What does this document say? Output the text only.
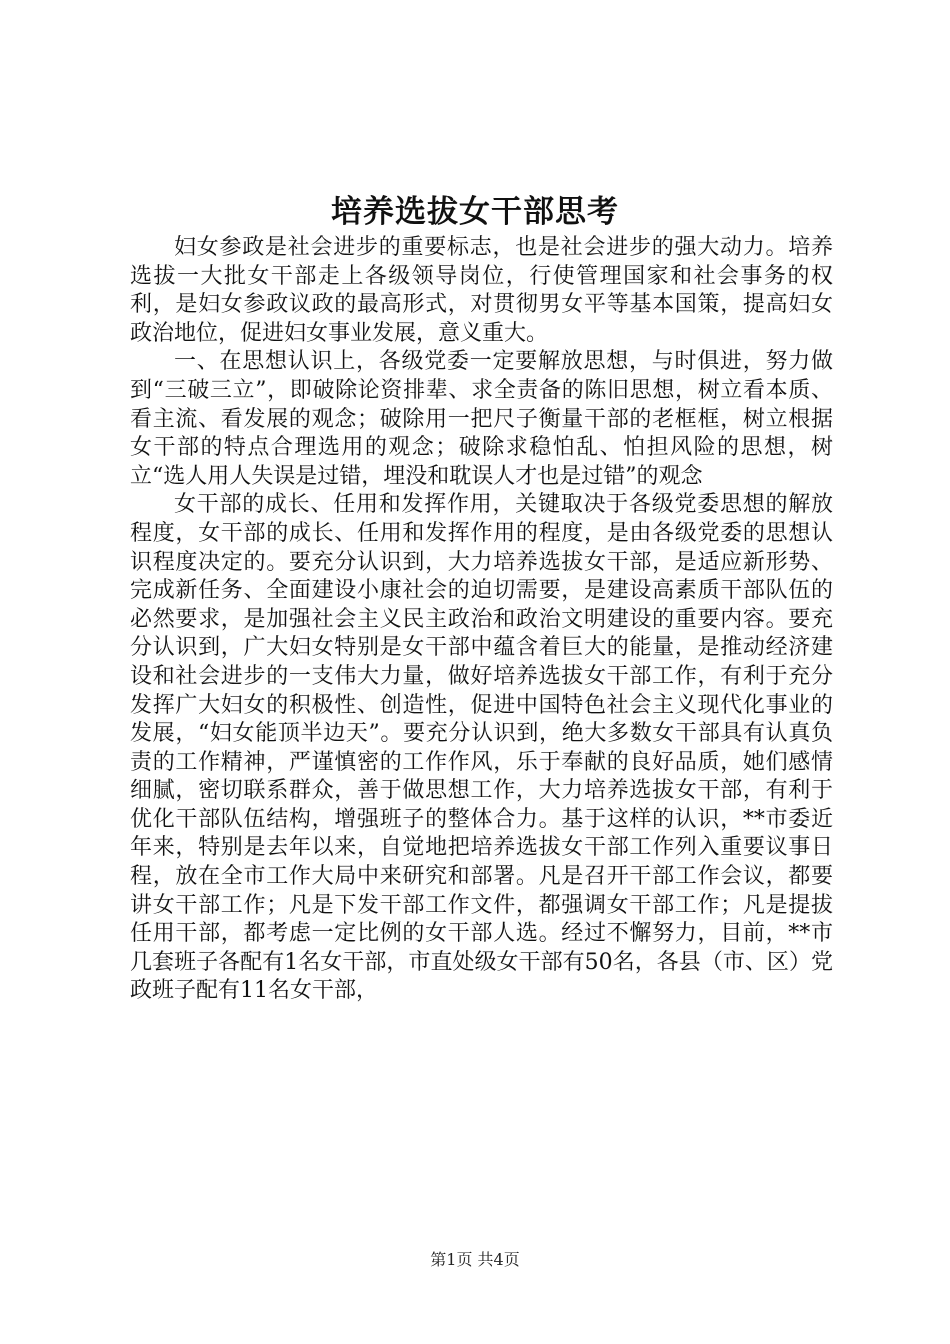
培养选拔女干部思考

妇女参政是社会进步的重要标志，也是社会进步的强大动力。培养选拔一大批女干部走上各级领导岗位，行使管理国家和社会事务的权利，是妇女参政议政的最高形式，对贯彻男女平等基本国策，提高妇女政治地位，促进妇女事业发展，意义重大。

一、在思想认识上，各级党委一定要解放思想，与时俱进，努力做到“三破三立”，即破除论资排辈、求全责备的陈旧思想，树立看本质、看主流、看发展的观念；破除用一把尺子衡量干部的老框框，树立根据女干部的特点合理选用的观念；破除求稳怕乱、怕担风险的思想，树立“选人用人失误是过错，埋没和耽误人才也是过错”的观念

女干部的成长、任用和发挥作用，关键取决于各级党委思想的解放程度，女干部的成长、任用和发挥作用的程度，是由各级党委的思想认识程度决定的。要充分认识到，大力培养选拔女干部，是适应新形势、完成新任务、全面建设小康社会的迫切需要，是建设高素质干部队伍的必然要求，是加强社会主义民主政治和政治文明建设的重要内容。要充分认识到，广大妇女特别是女干部中蕴含着巨大的能量，是推动经济建设和社会进步的一支伟大力量，做好培养选拔女干部工作，有利于充分发挥广大妇女的积极性、创造性，促进中国特色社会主义现代化事业的发展，“妇女能顶半边天”。要充分认识到，绝大多数女干部具有认真负责的工作精神，严谨慎密的工作作风，乐于奉献的良好品质，她们感情细腻，密切联系群众，善于做思想工作，大力培养选拔女干部，有利于优化干部队伍结构，增强班子的整体合力。基于这样的认识，**市委近年来，特别是去年以来，自觉地把培养选拔女干部工作列入重要议事日程，放在全市工作大局中来研究和部署。凡是召开干部工作会议，都要讲女干部工作；凡是下发干部工作文件，都强调女干部工作；凡是提拔任用干部，都考虑一定比例的女干部人选。经过不懈努力，目前，**市几套班子各配有1名女干部，市直处级女干部有50名，各县（市、区）党政班子配有11名女干部，

第1页 共4页
